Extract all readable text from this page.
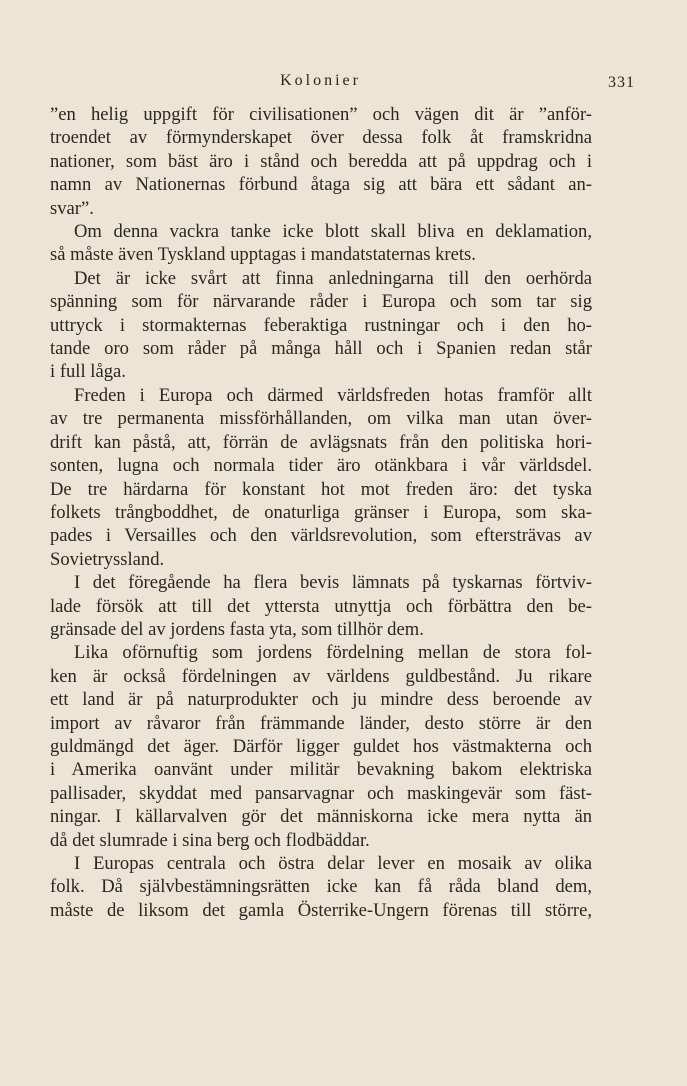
Kolonier	331
”en helig uppgift för civilisationen” och vägen dit är ”anför-
troendet av förmynderskapet över dessa folk åt framskridna
nationer, som bäst äro i stånd och beredda att på uppdrag och i
namn av Nationernas förbund åtaga sig att bära ett sådant an-
svar”.
Om denna vackra tanke icke blott skall bliva en deklamation,
så måste även Tyskland upptagas i mandatstaternas krets.
Det är icke svårt att finna anledningarna till den oerhörda
spänning som för närvarande råder i Europa och som tar sig
uttryck i stormakternas feberaktiga rustningar och i den ho-
tande oro som råder på många håll och i Spanien redan står
i full låga.
Freden i Europa och därmed världsfreden hotas framför allt
av tre permanenta missförhållanden, om vilka man utan över-
drift kan påstå, att, förrän de avlägsnats från den politiska hori-
sonten, lugna och normala tider äro otänkbara i vår världsdel.
De tre härdarna för konstant hot mot freden äro: det tyska
folkets trångboddhet, de onaturliga gränser i Europa, som ska-
pades i Versailles och den världsrevolution, som eftersträvas av
Sovietryssland.
I det föregående ha flera bevis lämnats på tyskarnas förtviv-
lade försök att till det yttersta utnyttja och förbättra den be-
gränsade del av jordens fasta yta, som tillhör dem.
Lika oförnuftig som jordens fördelning mellan de stora fol-
ken är också fördelningen av världens guldbestånd. Ju rikare
ett land är på naturprodukter och ju mindre dess beroende av
import av råvaror från främmande länder, desto större är den
guldmängd det äger. Därför ligger guldet hos västmakterna och
i Amerika oanvänt under militär bevakning bakom elektriska
pallisader, skyddat med pansarvagnar och maskingevär som fäst-
ningar. I källarvalven gör det människorna icke mera nytta än
då det slumrade i sina berg och flodbäddar.
I Europas centrala och östra delar lever en mosaik av olika
folk. Då självbestämningsrätten icke kan få råda bland dem,
måste de liksom det gamla Österrike-Ungern förenas till större,
